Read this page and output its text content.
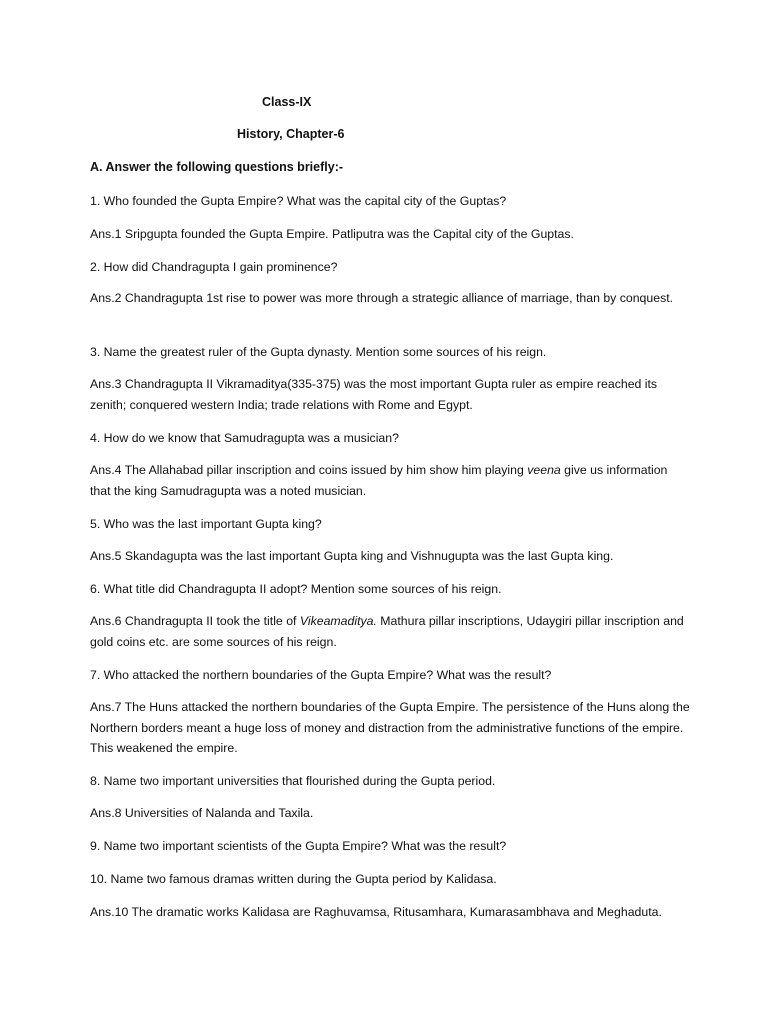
Class-IX
History, Chapter-6
A. Answer the following questions briefly:-
1. Who founded the Gupta Empire? What was the capital city of the Guptas?
Ans.1 Sripgupta founded the Gupta Empire. Patliputra was the Capital city of the Guptas.
2. How did Chandragupta I gain prominence?
Ans.2 Chandragupta 1st rise to power was more through a strategic alliance of marriage, than by conquest.
3. Name the greatest ruler of the Gupta dynasty. Mention some sources of his reign.
Ans.3 Chandragupta II Vikramaditya(335-375) was the most important Gupta ruler as empire reached its zenith; conquered western India; trade relations with Rome and Egypt.
4. How do we know that Samudragupta was a musician?
Ans.4 The Allahabad pillar inscription and coins issued by him show him playing veena give us information that the king Samudragupta was a noted musician.
5. Who was the last important Gupta king?
Ans.5 Skandagupta was the last important Gupta king and Vishnugupta was the last Gupta king.
6. What title did Chandragupta II adopt? Mention some sources of his reign.
Ans.6 Chandragupta II took the title of Vikeamaditya. Mathura pillar inscriptions, Udaygiri pillar inscription and gold coins etc. are some sources of his reign.
7. Who attacked the northern boundaries of the Gupta Empire? What was the result?
Ans.7 The Huns attacked the northern boundaries of the Gupta Empire. The persistence of the Huns along the Northern borders meant a huge loss of money and distraction from the administrative functions of the empire. This weakened the empire.
8. Name two important universities that flourished during the Gupta period.
Ans.8 Universities of Nalanda and Taxila.
9. Name two important scientists of the Gupta Empire? What was the result?
10. Name two famous dramas written during the Gupta period by Kalidasa.
Ans.10 The dramatic works Kalidasa are Raghuvamsa, Ritusamhara, Kumarasambhava and Meghaduta.
